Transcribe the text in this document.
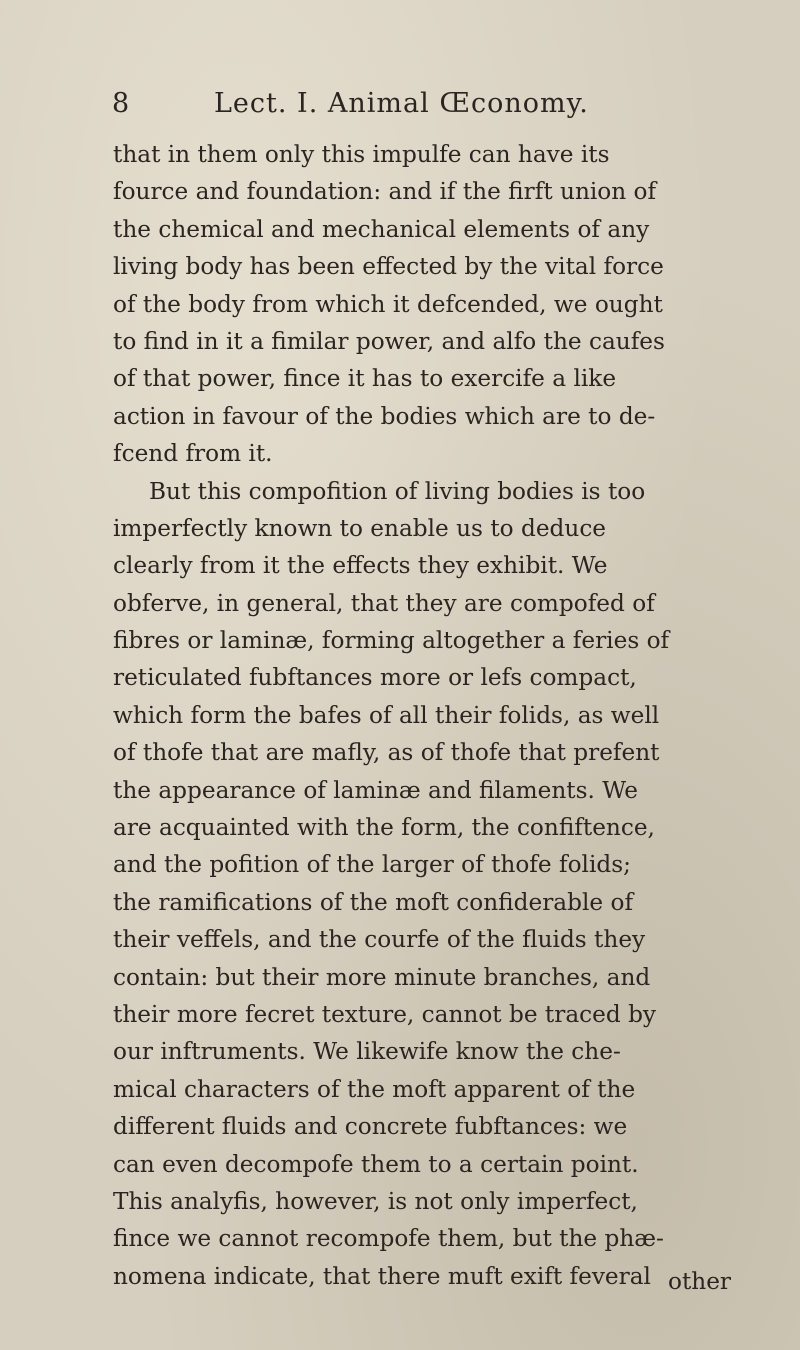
8	Lect. I. Animal Œconomy.
that in them only this impulfe can have its
fource and foundation: and if the firft union of
the chemical and mechanical elements of any
living body has been effected by the vital force
of the body from which it defcended, we ought
to find in it a fimilar power, and alfo the caufes
of that power, fince it has to exercife a like
action in favour of the bodies which are to de-
fcend from it.
But this compofition of living bodies is too
imperfectly known to enable us to deduce
clearly from it the effects they exhibit. We
obferve, in general, that they are compofed of
fibres or laminæ, forming altogether a feries of
reticulated fubftances more or lefs compact,
which form the bafes of all their folids, as well
of thofe that are mafly, as of thofe that prefent
the appearance of laminæ and filaments. We
are acquainted with the form, the confiftence,
and the pofition of the larger of thofe folids;
the ramifications of the moft confiderable of
their veffels, and the courfe of the fluids they
contain: but their more minute branches, and
their more fecret texture, cannot be traced by
our inftruments. We likewife know the che-
mical characters of the moft apparent of the
different fluids and concrete fubftances: we
can even decompofe them to a certain point.
This analyfis, however, is not only imperfect,
fince we cannot recompofe them, but the phæ-
nomena indicate, that there muft exift feveral other
